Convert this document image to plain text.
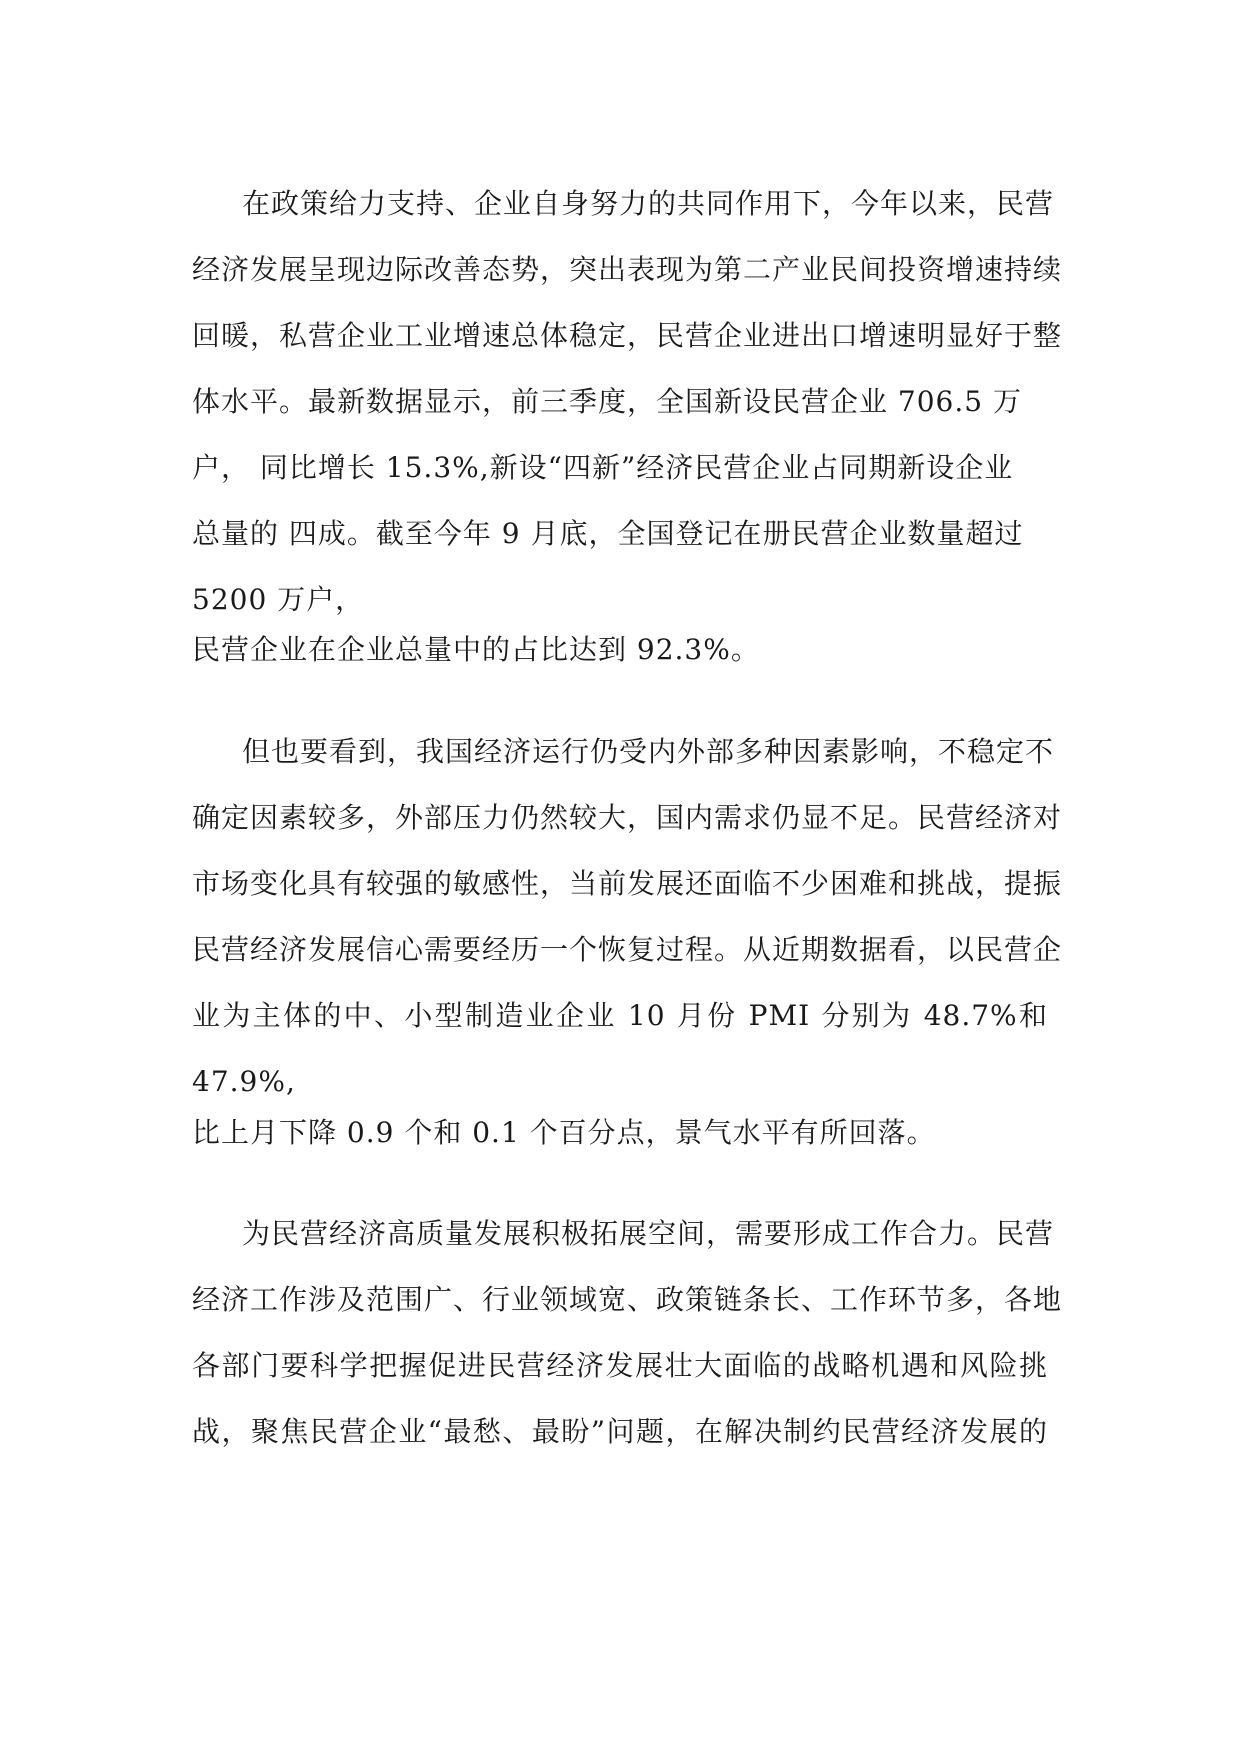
在政策给力支持、企业自身努力的共同作用下，今年以来，民营
经济发展呈现边际改善态势，突出表现为第二产业民间投资增速持续
回暖，私营企业工业增速总体稳定，民营企业进出口增速明显好于整
体水平。最新数据显示，前三季度，全国新设民营企业 706.5 万
户， 同比增长 15.3%,新设“四新”经济民营企业占同期新设企业
总量的 四成。截至今年 9 月底，全国登记在册民营企业数量超过
5200 万户，
民营企业在企业总量中的占比达到 92.3%。
但也要看到，我国经济运行仍受内外部多种因素影响，不稳定不
确定因素较多，外部压力仍然较大，国内需求仍显不足。民营经济对
市场变化具有较强的敏感性，当前发展还面临不少困难和挑战，提振
民营经济发展信心需要经历一个恢复过程。从近期数据看，以民营企
业为主体的中、小型制造业企业 10 月份 PMI 分别为 48.7%和
47.9%,
比上月下降 0.9 个和 0.1 个百分点，景气水平有所回落。
为民营经济高质量发展积极拓展空间，需要形成工作合力。民营
经济工作涉及范围广、行业领域宽、政策链条长、工作环节多，各地
各部门要科学把握促进民营经济发展壮大面临的战略机遇和风险挑
战，聚焦民营企业“最愁、最盼”问题，在解决制约民营经济发展的
